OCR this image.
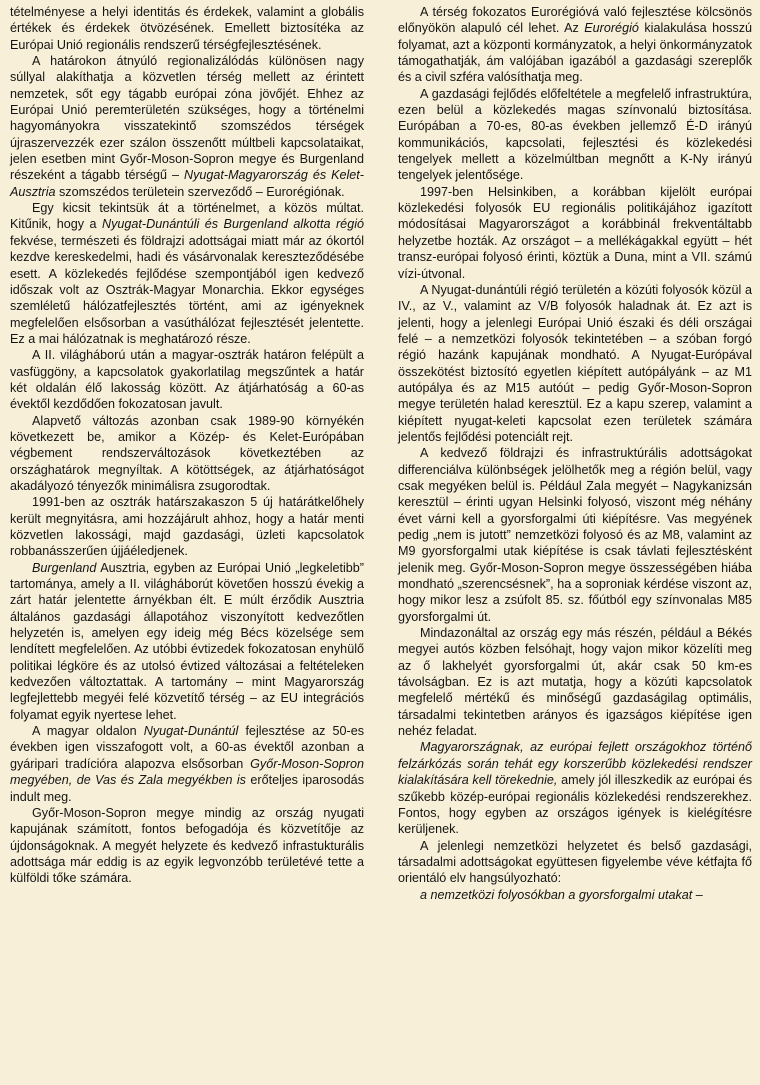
tételményese a helyi identitás és érdekek, valamint a globális értékek és érdekek ötvözésének. Emellett biztosítéka az Európai Unió regionális rendszerű térségfejlesztésének.

A határokon átnyúló regionalizálódás különösen nagy súllyal alakíthatja a közvetlen térség mellett az érintett nemzetek, sőt egy tágabb európai zóna jövőjét. Ehhez az Európai Unió peremterületén szükséges, hogy a történelmi hagyományokra visszatekintő szomszédos térségek újraszervezzék ezer szálon összenőtt múltbeli kapcsolataikat, jelen esetben mint Győr-Moson-Sopron megye és Burgenland részeként a tágabb térségű – Nyugat-Magyarország és Kelet-Ausztria szomszédos területein szerveződő – Eurorégiónak.

Egy kicsit tekintsük át a történelmet, a közös múltat. Kitűnik, hogy a Nyugat-Dunántúli és Burgenland alkotta régió fekvése, természeti és földrajzi adottságai miatt már az ókortól kezdve kereskedelmi, hadi és vásárvonalak kereszteződésébe esett. A közlekedés fejlődése szempontjából igen kedvező időszak volt az Osztrák-Magyar Monarchia. Ekkor egységes szemléletű hálózatfejlesztés történt, ami az igényeknek megfelelően elsősorban a vasúthálózat fejlesztését jelentette. Ez a mai hálózatnak is meghatározó része.

A II. világháború után a magyar-osztrák határon felépült a vasfüggöny, a kapcsolatok gyakorlatilag megszűntek a határ két oldalán élő lakosság között. Az átjárhatóság a 60-as évektől kezdődően fokozatosan javult.

Alapvető változás azonban csak 1989-90 környékén következett be, amikor a Közép- és Kelet-Európában végbement rendszerváltozások következtében az országhatárok megnyíltak. A kötöttségek, az átjárhatóságot akadályozó tényezők minimálisra zsugorodtak.

1991-ben az osztrák határszakaszon 5 új határátkelőhely került megnyitásra, ami hozzájárult ahhoz, hogy a határ menti közvetlen lakossági, majd gazdasági, üzleti kapcsolatok robbanásszerűen újjáéledjenek.

Burgenland Ausztria, egyben az Európai Unió „legkeletibb” tartománya, amely a II. világháborút követően hosszú évekig a zárt határ jelentette árnyékban élt. E múlt érződik Ausztria általános gazdasági állapotához viszonyított kedvezőtlen helyzetén is, amelyen egy ideig még Bécs közelsége sem lendített megfelelően. Az utóbbi évtizedek fokozatosan enyhülő politikai légköre és az utolsó évtized változásai a feltételeken kedvezően változtattak. A tartomány – mint Magyarország legfejlettebb megyéi felé közvetítő térség – az EU integrációs folyamat egyik nyertese lehet.

A magyar oldalon Nyugat-Dunántúl fejlesztése az 50-es években igen visszafogott volt, a 60-as évektől azonban a gyáripari tradícióra alapozva elsősorban Győr-Moson-Sopron megyében, de Vas és Zala megyékben is erőteljes iparosodás indult meg.

Győr-Moson-Sopron megye mindig az ország nyugati kapujának számított, fontos befogadója és közvetítője az újdonságoknak. A megyét helyzete és kedvező infrastukturális adottsága már eddig is az egyik legvonzóbb területévé tette a külföldi tőke számára.

A térség fokozatos Eurorégióvá való fejlesztése kölcsönös előnyökön alapuló cél lehet. Az Eurorégió kialakulása hosszú folyamat, azt a központi kormányzatok, a helyi önkormányzatok támogathatják, ám valójában igazából a gazdasági szereplők és a civil szféra valósíthatja meg.

A gazdasági fejlődés előfeltétele a megfelelő infrastruktúra, ezen belül a közlekedés magas színvonalú biztosítása. Európában a 70-es, 80-as években jellemző É-D irányú kommunikációs, kapcsolati, fejlesztési és közlekedési tengelyek mellett a közelmúltban megnőtt a K-Ny irányú tengelyek jelentősége.

1997-ben Helsinkiben, a korábban kijelölt európai közlekedési folyosók EU regionális politikájához igazított módosításai Magyarországot a korábbinál frekventáltabb helyzetbe hozták. Az országot – a mellékágakkal együtt – hét transz-európai folyosó érinti, köztük a Duna, mint a VII. számú vízi-útvonal.

A Nyugat-dunántúli régió területén a közúti folyosók közül a IV., az V., valamint az V/B folyosók haladnak át. Ez azt is jelenti, hogy a jelenlegi Európai Unió északi és déli országai felé – a nemzetközi folyosók tekintetében – a szóban forgó régió hazánk kapujának mondható. A Nyugat-Európával összekötést biztosító egyetlen kiépített autópályánk – az M1 autópálya és az M15 autóút – pedig Győr-Moson-Sopron megye területén halad keresztül. Ez a kapu szerep, valamint a kiépített nyugat-keleti kapcsolat ezen területek számára jelentős fejlődési potenciált rejt.

A kedvező földrajzi és infrastruktúrális adottságokat differenciálva különbségek jelölhetők meg a régión belül, vagy csak megyéken belül is. Például Zala megyét – Nagykanizsán keresztül – érinti ugyan Helsinki folyosó, viszont még néhány évet várni kell a gyorsforgalmi úti kiépítésre. Vas megyének pedig „nem is jutott” nemzetközi folyosó és az M8, valamint az M9 gyorsforgalmi utak kiépítése is csak távlati fejlesztésként jelenik meg. Győr-Moson-Sopron megye összességében hiába mondható „szerencsésnek”, ha a soproniak kérdése viszont az, hogy mikor lesz a zsúfolt 85. sz. főútból egy színvonalas M85 gyorsforgalmi út.

Mindazonáltal az ország egy más részén, például a Békés megyei autós közben felsóhajt, hogy vajon mikor közelíti meg az ő lakhelyét gyorsforgalmi út, akár csak 50 km-es távolságban. Ez is azt mutatja, hogy a közúti kapcsolatok megfelelő mértékű és minőségű gazdaságilag optimális, társadalmi tekintetben arányos és igazságos kiépítése igen nehéz feladat.

Magyarországnak, az európai fejlett országokhoz történő felzárkózás során tehát egy korszerűbb közlekedési rendszer kialakítására kell törekednie, amely jól illeszkedik az európai és szűkebb közép-európai regionális közlekedési rendszerekhez. Fontos, hogy egyben az országos igények is kielégítésre kerüljenek.

A jelenlegi nemzetközi helyzetet és belső gazdasági, társadalmi adottságokat együttesen figyelembe véve kétfajta fő orientáló elv hangsúlyozható:

a nemzetközi folyosókban a gyorsforgalmi utakat –
